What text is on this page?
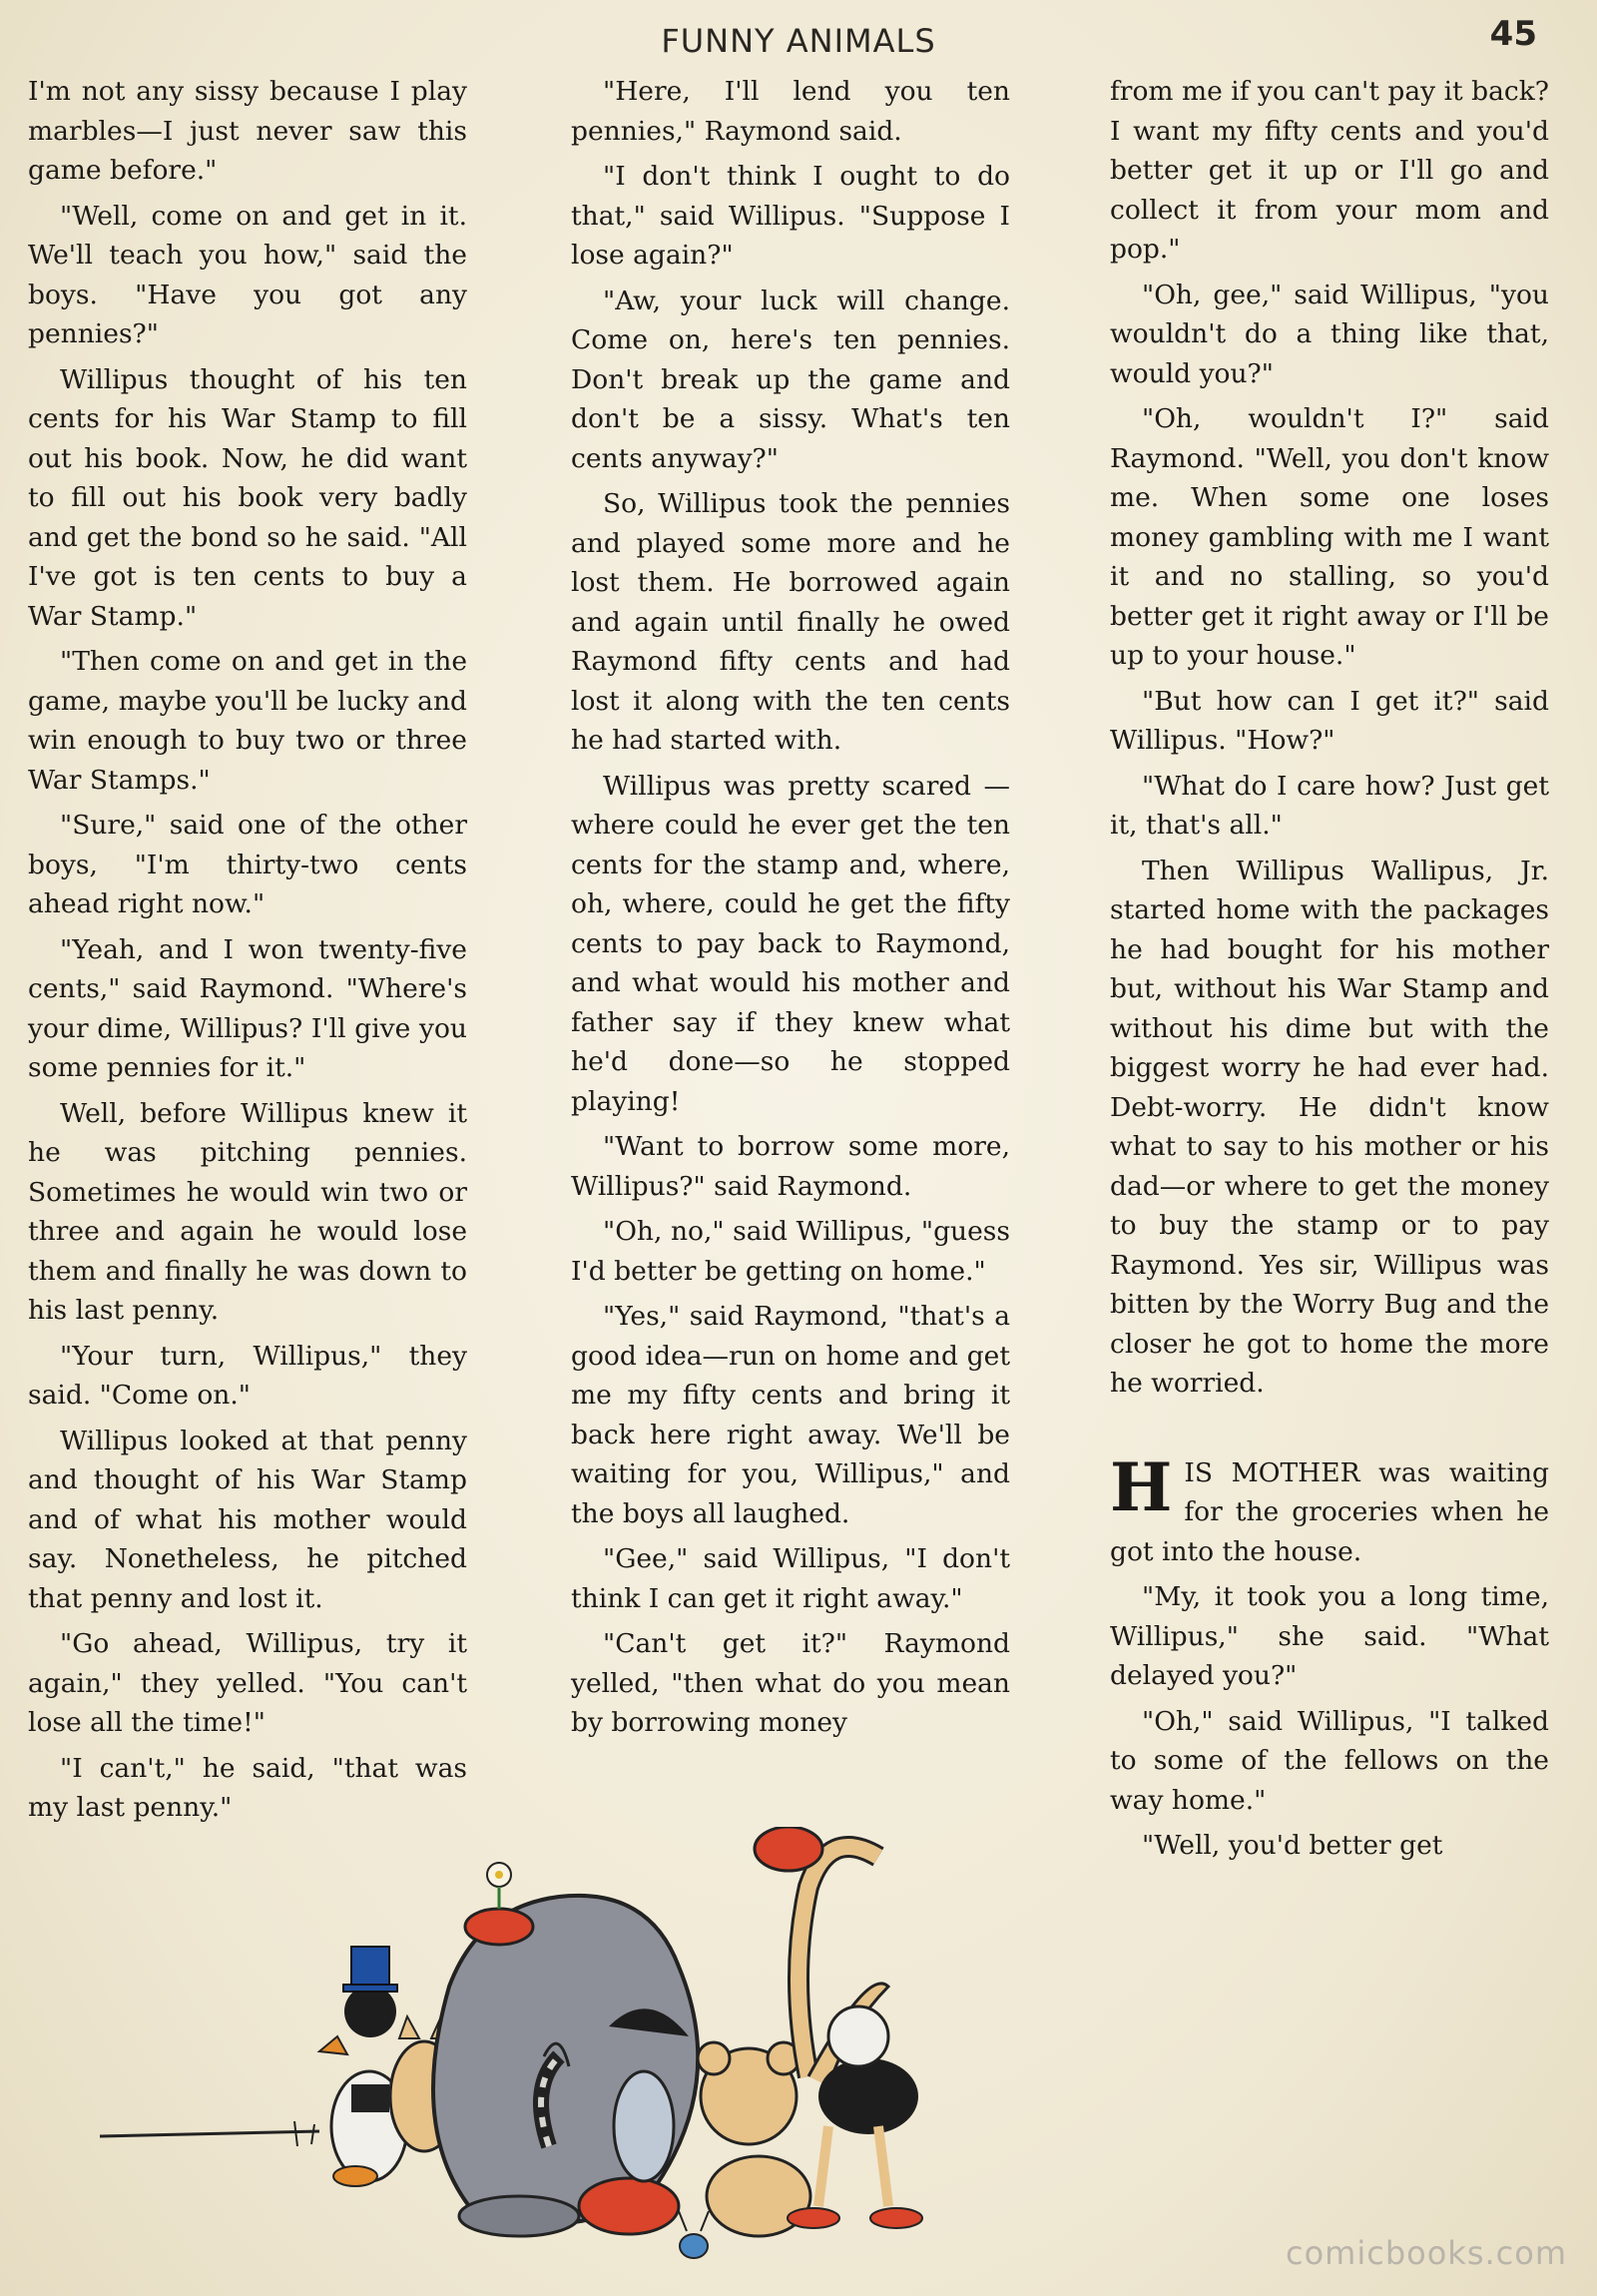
FUNNY ANIMALS	45

I'm not any sissy because I play marbles—I just never saw this game before."

"Well, come on and get in it. We'll teach you how," said the boys. "Have you got any pennies?"

Willipus thought of his ten cents for his War Stamp to fill out his book. Now, he did want to fill out his book very badly and get the bond so he said. "All I've got is ten cents to buy a War Stamp."

"Then come on and get in the game, maybe you'll be lucky and win enough to buy two or three War Stamps."

"Sure," said one of the other boys, "I'm thirty-two cents ahead right now."

"Yeah, and I won twenty-five cents," said Raymond. "Where's your dime, Willipus? I'll give you some pennies for it."

Well, before Willipus knew it he was pitching pennies. Sometimes he would win two or three and again he would lose them and finally he was down to his last penny.

"Your turn, Willipus," they said. "Come on."

Willipus looked at that penny and thought of his War Stamp and of what his mother would say. Nonetheless, he pitched that penny and lost it.

"Go ahead, Willipus, try it again," they yelled. "You can't lose all the time!"

"I can't," he said, "that was my last penny."

"Here, I'll lend you ten pennies," Raymond said.

"I don't think I ought to do that," said Willipus. "Suppose I lose again?"

"Aw, your luck will change. Come on, here's ten pennies. Don't break up the game and don't be a sissy. What's ten cents anyway?"

So, Willipus took the pennies and played some more and he lost them. He borrowed again and again until finally he owed Raymond fifty cents and had lost it along with the ten cents he had started with.

Willipus was pretty scared —where could he ever get the ten cents for the stamp and, where, oh, where, could he get the fifty cents to pay back to Raymond, and what would his mother and father say if they knew what he'd done—so he stopped playing!

"Want to borrow some more, Willipus?" said Raymond.

"Oh, no," said Willipus, "guess I'd better be getting on home."

"Yes," said Raymond, "that's a good idea—run on home and get me my fifty cents and bring it back here right away. We'll be waiting for you, Willipus," and the boys all laughed.

"Gee," said Willipus, "I don't think I can get it right away."

"Can't get it?" Raymond yelled, "then what do you mean by borrowing money

from me if you can't pay it back? I want my fifty cents and you'd better get it up or I'll go and collect it from your mom and pop."

"Oh, gee," said Willipus, "you wouldn't do a thing like that, would you?"

"Oh, wouldn't I?" said Raymond. "Well, you don't know me. When some one loses money gambling with me I want it and no stalling, so you'd better get it right away or I'll be up to your house."

"But how can I get it?" said Willipus. "How?"

"What do I care how? Just get it, that's all."

Then Willipus Wallipus, Jr. started home with the packages he had bought for his mother but, without his War Stamp and without his dime but with the biggest worry he had ever had. Debt-worry. He didn't know what to say to his mother or his dad—or where to get the money to buy the stamp or to pay Raymond. Yes sir, Willipus was bitten by the Worry Bug and the closer he got to home the more he worried.

HIS MOTHER was waiting for the groceries when he got into the house.

"My, it took you a long time, Willipus," she said. "What delayed you?"

"Oh," said Willipus, "I talked to some of the fellows on the way home."

"Well, you'd better get

comicbooks.com
